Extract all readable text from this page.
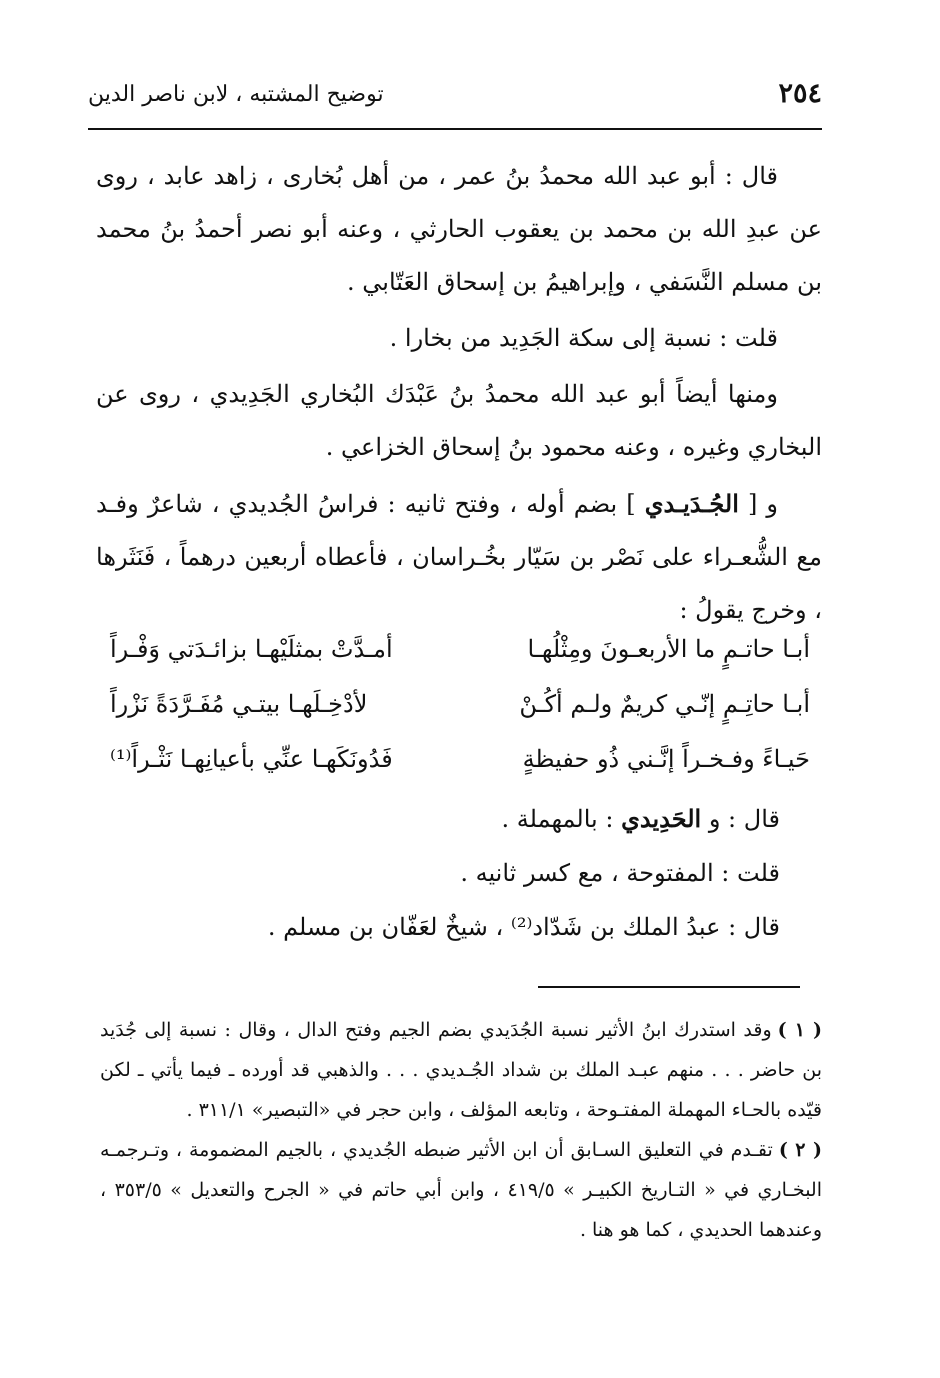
٢٥٤
توضيح المشتبه ، لابن ناصر الدين

قال : أبو عبد الله محمدُ بنُ عمر ، من أهل بُخارى ، زاهد عابد ، روى عن عبدِ الله بن محمد بن يعقوب الحارثي ، وعنه أبو نصر أحمدُ بنُ محمد بن مسلم النَّسَفي ، وإبراهيمُ بن إسحاق العَتّابي .

قلت : نسبة إلى سكة الجَدِيد من بخارا .

ومنها أيضاً أبو عبد الله محمدُ بنُ عَبْدَك البُخاري الجَدِيدي ، روى عن البخاري وغيره ، وعنه محمود بنُ إسحاق الخزاعي .

و [ الجُـدَيـدي ] بضم أوله ، وفتح ثانيه : فراسُ الجُديدي ، شاعرٌ وفـد مع الشُّعـراء على نَصْر بن سَيّار بخُـراسان ، فأعطاه أربعين درهماً ، فَنَثَرها ، وخرج يقولُ :

أبـا حاتـمٍ ما الأربعـونَ ومِثْلُهـا
أمـدَّتْ بمثلَيْهـا بزائـدَتي وَفْـراً
أبـا حاتِـمٍ إنّـي كريمٌ ولـم أكُـنْ
لأدْخِـلَهـا بيتـي مُفَـرَّدَةً نَزْراً
حَيـاءً وفـخـراً إنَّـني ذُو حفيظةٍ
فَدُونَكَهـا عنِّي بأعيانِهـا نَثْـراً⁽¹⁾

قال : و الحَدِيدي : بالمهملة .

قلت : المفتوحة ، مع كسر ثانيه .

قال : عبدُ الملك بن شَدّاد⁽²⁾ ، شيخٌ لعَفّان بن مسلم .

( ١ )وقد استدرك ابنُ الأثير نسبة الجُدَيدي بضم الجيم وفتح الدال ، وقال : نسبة إلى جُدَيد بن حاضر . . . منهم عبـد الملك بن شداد الجُـديدي . . . والذهبي قد أورده ـ فيما يأتي ـ لكن قيّده بالحـاء المهملة المفتـوحة ، وتابعه المؤلف ، وابن حجر في «التبصير» ٣١١/١ .

( ٢ )تقـدم في التعليق السـابق أن ابن الأثير ضبطه الجُديدي ، بالجيم المضمومة ، وتـرجمـه البخـاري في « التـاريخ الكبيـر » ٤١٩/٥ ، وابن أبي حاتم في « الجرح والتعديل » ٣٥٣/٥ ، وعندهما الحديدي ، كما هو هنا .
